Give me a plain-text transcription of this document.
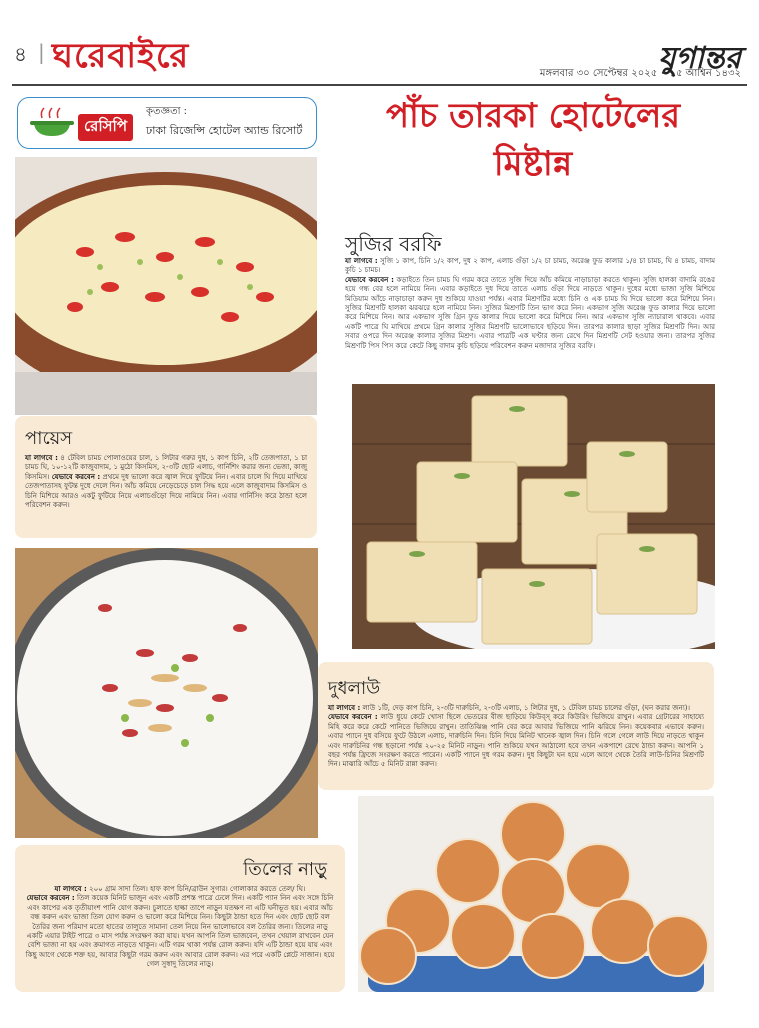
৪ | ঘরেবাইরে	যুগান্তর
মঙ্গলবার ৩০ সেপ্টেম্বর ২০২৫ • ১৫ আশ্বিন ১৪৩২
রেসিপি
কৃতজ্ঞতা :
ঢাকা রিজেন্সি হোটেল অ্যান্ড রিসোর্ট	পাঁচ তারকা হোটেলের
মিষ্টান্ন
পায়েস
যা লাগবে : ৪ টেবিল চামচ পোলাওয়ের চাল, ১ লিটার গরুর দুধ, ১ কাপ চিনি, ২টি তেজপাতা, ১ চা চামচ ঘি, ১০-১২টি কাজুবাদাম, ১ মুঠো কিসমিস, ২-৩টি ছোট এলাচ, গার্নিশিং করার জন্য ভেজা, কাজু কিসমিস। যেভাবে করবেন : প্রথমে দুধ ভালো করে জ্বাল দিয়ে ফুটিয়ে নিন। এবার চালে ঘি দিয়ে মাখিয়ে তেজপাতাসহ ফুটন্ত দুধে দেলে দিন। আঁচ কমিয়ে নেড়েচেড়ে চাল সিদ্ধ হয়ে এলে কাজুবাদাম কিসমিস ও চিনি মিশিয়ে আরও একটু ফুটিয়ে নিয়ে এলাচগুঁড়ো দিয়ে নামিয়ে নিন। এবার গার্নিসিং করে ঠান্ডা হলে পরিবেশন করুন।
সুজির বরফি
যা লাগবে : সুজি ১ কাপ, চিনি ১/২ কাপ, দুধ ২ কাপ, এলাচ গুঁড়া ১/২ চা চামচ, অরেঞ্জ ফুড কালার ১/৪ চা চামচ, ঘি ৪ চামচ, বাদাম কুচি ১ চামচ।
যেভাবে করবেন : কড়াইতে তিন চামচ ঘি গরম করে তাতে সুজি দিয়ে আঁচ কমিয়ে নাড়াচাড়া করতে থাকুন। সুজি হালকা বাদামি রঙের হয়ে গন্ধ বের হলে নামিয়ে নিন। এবার কড়াইতে দুধ দিয়ে তাতে এলাচ গুঁড়া দিয়ে নাড়তে থাকুন। দুধের মধ্যে ভাজা সুজি মিশিয়ে মিডিয়াম আঁচে নাড়াচাড়া করুন দুধ শুকিয়ে যাওয়া পর্যন্ত। এবার মিশ্রণটির মধ্যে চিনি ও এক চামচ ঘি দিয়ে ভালো করে মিশিয়ে নিন। সুজির মিশ্রণটি হালকা ঝরঝরে হলে নামিয়ে নিন। সুজির মিশ্রণটি তিন ভাগ করে নিন। একভাগ সুজি অরেঞ্জ ফুড কালার দিয়ে ভালো করে মিশিয়ে নিন। আর একভাগ সুজি গ্রিন ফুড কালার দিয়ে ভালো করে মিশিয়ে নিন। আর একভাগ সুজি ন্যাচারাল থাকবে। এবার একটি পাত্রে ঘি মাখিয়ে প্রথমে গ্রিন কালার সুজির মিশ্রণটি ভালোভাবে ছড়িয়ে দিন। তারপর কালার ছাড়া সুজির মিশ্রণটি দিন। আর সবার ওপরে দিন অরেঞ্জ কালার সুজির মিশ্রণ। এবার পাত্রটি এক ঘণ্টার জন্য রেখে দিন মিশ্রণটি সেট হওয়ার জন্য। তারপর সুজির মিশ্রণটি পিস পিস করে কেটে কিছু বাদাম কুচি ছড়িয়ে পরিবেশন করুন মজাদার সুজির বরফি।
দুধলাউ
যা লাগবে : লাউ ১টি, দেড় কাপ চিনি, ২-৩টি দারুচিনি, ২-৩টি এলাচ, ১ লিটার দুধ, ১ টেবিল চামচ চালের গুঁড়া, (ঘন করার জন্য)।
যেভাবে করবেন : লাউ ধুয়ে কেটে খোসা ছিলে ভেতরের বীজ ছাড়িয়ে কিউব্স্ করে কিউরিং ভিজিয়ে রাখুন। এবার গ্রেটারের সাহায্যে মিহি করে করে কেটে পানিতে ভিজিয়ে রাখুন। তাতিঝিঞ্জ পানি বের করে আবার ভিজিয়ে পানি ঝরিয়ে নিন। কয়েকবার এভাবে করুন। এবার প্যানে দুধ বসিয়ে ফুটে উঠলে এলাচ, দারুচিনি দিন। চিনি দিয়ে মিনিট খানেক জ্বাল দিন। চিনি গলে গেলে লাউ দিয়ে নাড়তে থাকুন এবং দারুচিনির গন্ধ ছড়ানো পর্যন্ত ২০-২৫ মিনিট নাড়ুন। পানি শুকিয়ে যখন আঠালো হবে তখন একপাশে রেখে ঠান্ডা করুন। আপনি ১ বছর পর্যন্ত ফ্রিজে সংরক্ষণ করতে পারেন। একটি প্যানে দুধ গরম করুন। দুধ কিছুটা ঘন হয়ে এলে আগে থেকে তৈরি লাউ-চিনির মিশ্রণটি দিন। মাঝারি আঁচে ৫ মিনিট রান্না করুন।
তিলের নাড়ু
যা লাগবে : ২০০ গ্রাম সাদা তিল। হাফ কাপ চিনি/ব্রাউন সুগার। গোলাকার করতে তেল/ ঘি।
যেভাবে করবেন : তিল কয়েক মিনিট ভাজুন এবং একটি প্রশস্ত পাত্রে ঢেলে দিন। একটি প্যান নিন এবং সঙ্গে চিনি এবং কাপের এক তৃতীয়াংশ পানি যোগ করুন। চুলাতে হাল্কা তাপে নাড়ুন যতক্ষণ না এটি ঘনীভূত হয়। এবার আঁচ বন্ধ করুন এবং ভাজা তিল যোগ করুন ও ভালো করে মিশিয়ে নিন। কিছুটা ঠান্ডা হতে দিন এবং ছোট ছোট বল তৈরির জন্য পরিমাণ মতো হাতের তালুতে সামান্য তেল নিয়ে নিন ভালোভাবে বল তৈরির জন্য। তিলের নাড়ু একটি এয়ার টাইট পাত্রে ৩ মাস পর্যন্ত সংরক্ষণ করা যায়। যখন আপনি তিল ভাজবেন, তখন খেয়াল রাখবেন যেন বেশি ভাজা না হয় এবং ক্রমাগত নাড়তে থাকুন। এটি গরম থাকা পর্যন্ত রোল করুন। যদি এটি ঠান্ডা হয়ে যায় এবং কিছু আগে থেকে শক্ত হয়, আবার কিছুটা গরম করুন এবং আবার রোল করুন। এর পরে একটি প্লেটে সাজান। হয়ে গেল সুস্বাদু তিলের নাড়ু।
